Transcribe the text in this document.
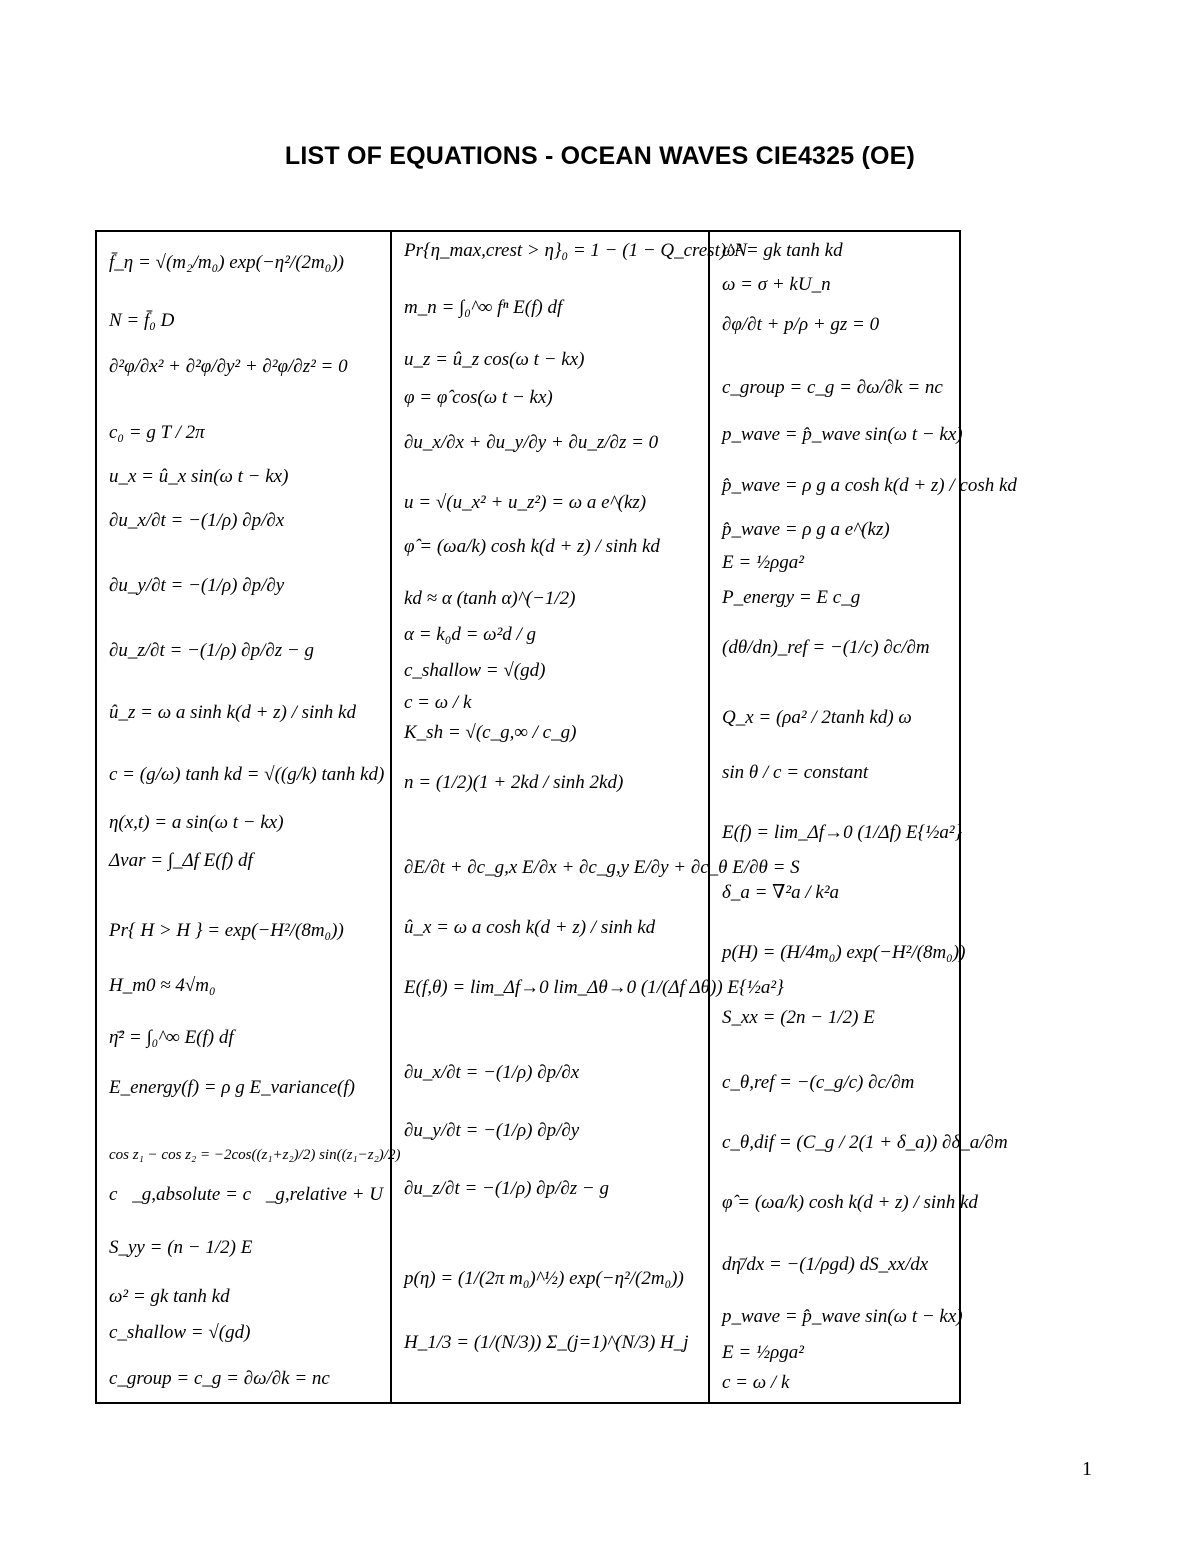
LIST OF EQUATIONS - OCEAN WAVES CIE4325 (OE)
f̄_η = √(m₂/m₀) exp(−η²/(2m₀))
N = f̄₀ D
∂²φ/∂x² + ∂²φ/∂y² + ∂²φ/∂z² = 0
c₀ = g T / 2π
u_x = û_x sin(ω t − kx)
∂u_x/∂t = −(1/ρ) ∂p/∂x
∂u_y/∂t = −(1/ρ) ∂p/∂y
∂u_z/∂t = −(1/ρ) ∂p/∂z − g
û_z = ω a sinh k(d + z) / sinh kd
c = (g/ω) tanh kd = √((g/k) tanh kd)
η(x,t) = a sin(ω t − kx)
Δvar = ∫_Δf E(f) df
Pr{ H > H } = exp(−H²/(8m₀))
H_m0 ≈ 4√m₀
η̄² = ∫₀^∞ E(f) df
E_energy(f) = ρ g E_variance(f)
cos z₁ − cos z₂ = −2cos((z₁+z₂)/2) sin((z₁−z₂)/2)
c⃗_g,absolute = c⃗_g,relative + U⃗
S_yy = (n − 1/2) E
ω² = gk tanh kd
c_shallow = √(gd)
c_group = c_g = ∂ω/∂k = nc
Pr{η_max,crest > η}₀ = 1 − (1 − Q_crest)^N
m_n = ∫₀^∞ fⁿ E(f) df
u_z = û_z cos(ω t − kx)
φ = φ̂ cos(ω t − kx)
∂u_x/∂x + ∂u_y/∂y + ∂u_z/∂z = 0
u = √(u_x² + u_z²) = ω a e^(kz)
φ̂ = (ωa/k) cosh k(d + z) / sinh kd
kd ≈ α (tanh α)^(−1/2)
α = k₀d = ω²d / g
c_shallow = √(gd)
c = ω / k
K_sh = √(c_g,∞ / c_g)
n = (1/2)(1 + 2kd / sinh 2kd)
∂E/∂t + ∂c_g,x E/∂x + ∂c_g,y E/∂y + ∂c_θ E/∂θ = S
û_x = ω a cosh k(d + z) / sinh kd
E(f,θ) = lim_Δf→0 lim_Δθ→0 (1/(Δf Δθ)) E{½a²}
∂u_x/∂t = −(1/ρ) ∂p/∂x
∂u_y/∂t = −(1/ρ) ∂p/∂y
∂u_z/∂t = −(1/ρ) ∂p/∂z − g
p(η) = (1/(2π m₀)^½) exp(−η²/(2m₀))
H_1/3 = (1/(N/3)) Σ_(j=1)^(N/3) H_j
ω² = gk tanh kd
ω = σ + kU_n
∂φ/∂t + p/ρ + gz = 0
c_group = c_g = ∂ω/∂k = nc
p_wave = p̂_wave sin(ω t − kx)
p̂_wave = ρ g a cosh k(d + z) / cosh kd
p̂_wave = ρ g a e^(kz)
E = ½ρga²
P_energy = E c_g
(dθ/dn)_ref = −(1/c) ∂c/∂m
Q_x = (ρa² / 2tanh kd) ω
sin θ / c = constant
E(f) = lim_Δf→0 (1/Δf) E{½a²}
δ_a = ∇²a / k²a
p(H) = (H/4m₀) exp(−H²/(8m₀))
S_xx = (2n − 1/2) E
c_θ,ref = −(c_g/c) ∂c/∂m
c_θ,dif = (C_g / 2(1 + δ_a)) ∂δ_a/∂m
φ̂ = (ωa/k) cosh k(d + z) / sinh kd
dη̄/dx = −(1/ρgd) dS_xx/dx
p_wave = p̂_wave sin(ω t − kx)
E = ½ρga²
c = ω / k
1
